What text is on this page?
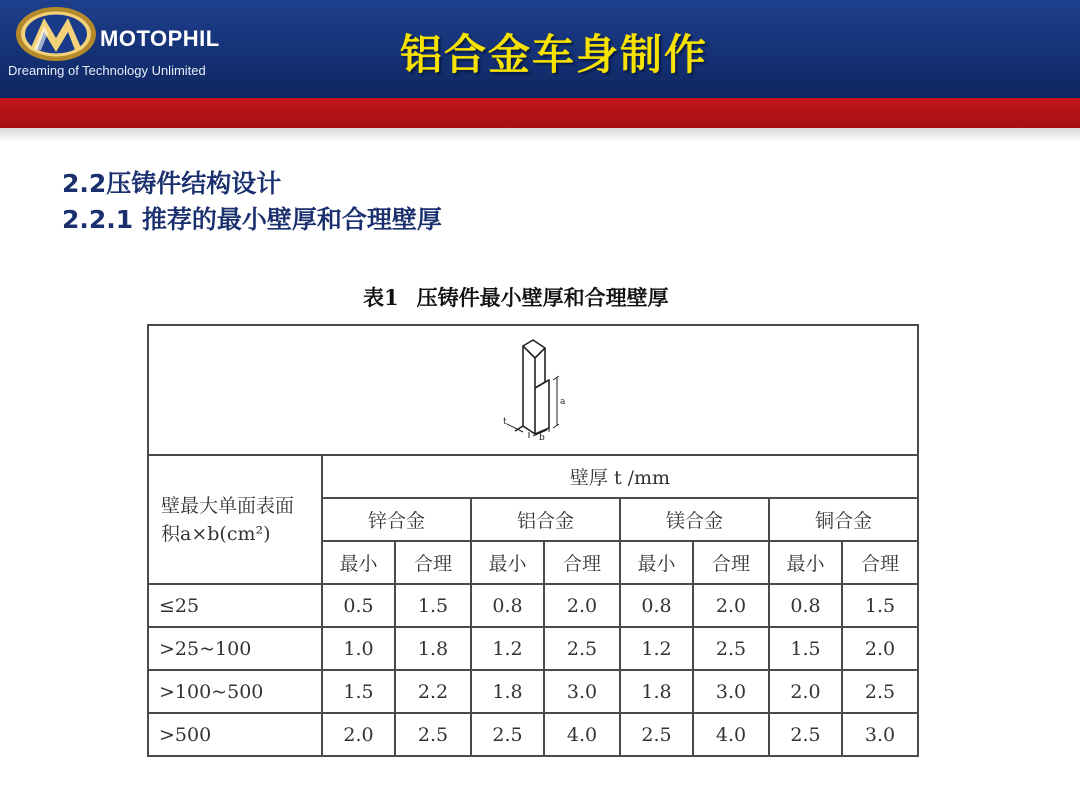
MOTOPHIL
Dreaming of Technology Unlimited	铝合金车身制作
2.2压铸件结构设计
2.2.1 推荐的最小壁厚和合理壁厚
表1 压铸件最小壁厚和合理壁厚
a
b
t								

壁最大单面表面
积a×b(cm²)	壁厚 t /mm							
	锌合金		铝合金		镁合金		铜合金	
	最小	合理	最小	合理	最小	合理	最小	合理
≤25	0.5	1.5	0.8	2.0	0.8	2.0	0.8	1.5
>25~100	1.0	1.8	1.2	2.5	1.2	2.5	1.5	2.0
>100~500	1.5	2.2	1.8	3.0	1.8	3.0	2.0	2.5
>500	2.0	2.5	2.5	4.0	2.5	4.0	2.5	3.0
